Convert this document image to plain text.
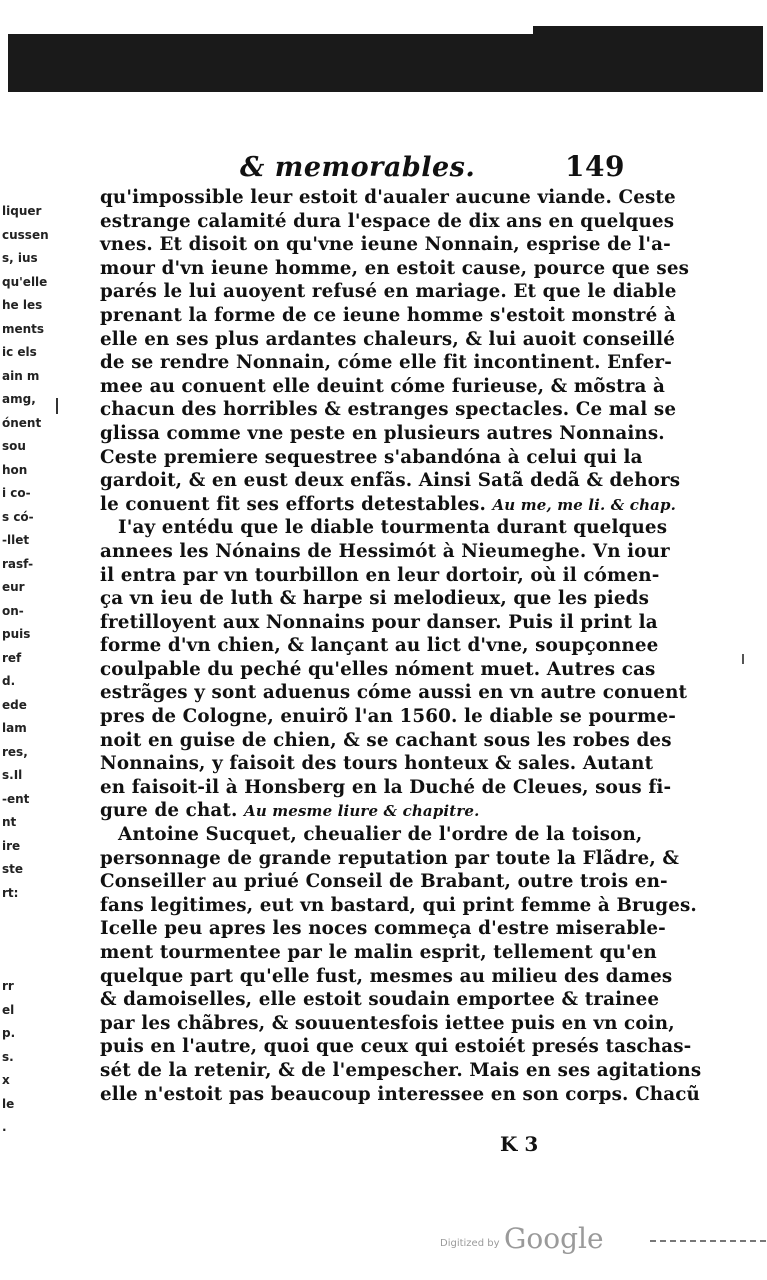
& memorables.	149
qu'impossible leur estoit d'aualer aucune viande. Ceste
estrange calamité dura l'espace de dix ans en quelques
vnes. Et disoit on qu'vne ieune Nonnain, esprise de l'a-
mour d'vn ieune homme, en estoit cause, pource que ses
parés le lui auoyent refusé en mariage. Et que le diable
prenant la forme de ce ieune homme s'estoit monstré à
elle en ses plus ardantes chaleurs, & lui auoit conseillé
de se rendre Nonnain, cóme elle fit incontinent. Enfer-
mee au conuent elle deuint cóme furieuse, & mõstra à
chacun des horribles & estranges spectacles. Ce mal se
glissa comme vne peste en plusieurs autres Nonnains.
Ceste premiere sequestree s'abandóna à celui qui la
gardoit, & en eust deux enfãs. Ainsi Satã dedã & dehors
le conuent fit ses efforts detestables. Au me, me li. & chap.
I'ay entédu que le diable tourmenta durant quelques
annees les Nónains de Hessimót à Nieumeghe. Vn iour
il entra par vn tourbillon en leur dortoir, où il cómen-
ça vn ieu de luth & harpe si melodieux, que les pieds
fretilloyent aux Nonnains pour danser. Puis il print la
forme d'vn chien, & lançant au lict d'vne, soupçonnee
coulpable du peché qu'elles nóment muet. Autres cas
estrãges y sont aduenus cóme aussi en vn autre conuent
pres de Cologne, enuirõ l'an 1560. le diable se pourme-
noit en guise de chien, & se cachant sous les robes des
Nonnains, y faisoit des tours honteux & sales. Autant
en faisoit-il à Honsberg en la Duché de Cleues, sous fi-
gure de chat. Au mesme liure & chapitre.
Antoine Sucquet, cheualier de l'ordre de la toison,
personnage de grande reputation par toute la Flãdre, &
Conseiller au priué Conseil de Brabant, outre trois en-
fans legitimes, eut vn bastard, qui print femme à Bruges.
Icelle peu apres les noces commeça d'estre miserable-
ment tourmentee par le malin esprit, tellement qu'en
quelque part qu'elle fust, mesmes au milieu des dames
& damoiselles, elle estoit soudain emportee & trainee
par les chãbres, & souuentesfois iettee puis en vn coin,
puis en l'autre, quoi que ceux qui estoiét presés taschas-
sét de la retenir, & de l'empescher. Mais en ses agitations
elle n'estoit pas beaucoup interessee en son corps. Chacũ
K 3
liquer
cussen
s, ius
qu'elle
he les
ments
ic els
ain m
amg,
ónent
sou
hon
i co-
s có-
-llet
rasf-
eur
on-
puis
ref
d.
ede
lam
res,
s.Il
-ent
nt
ire
ste
rt:
rr
el
p.
s.
x
le
.
Digitized by Google
